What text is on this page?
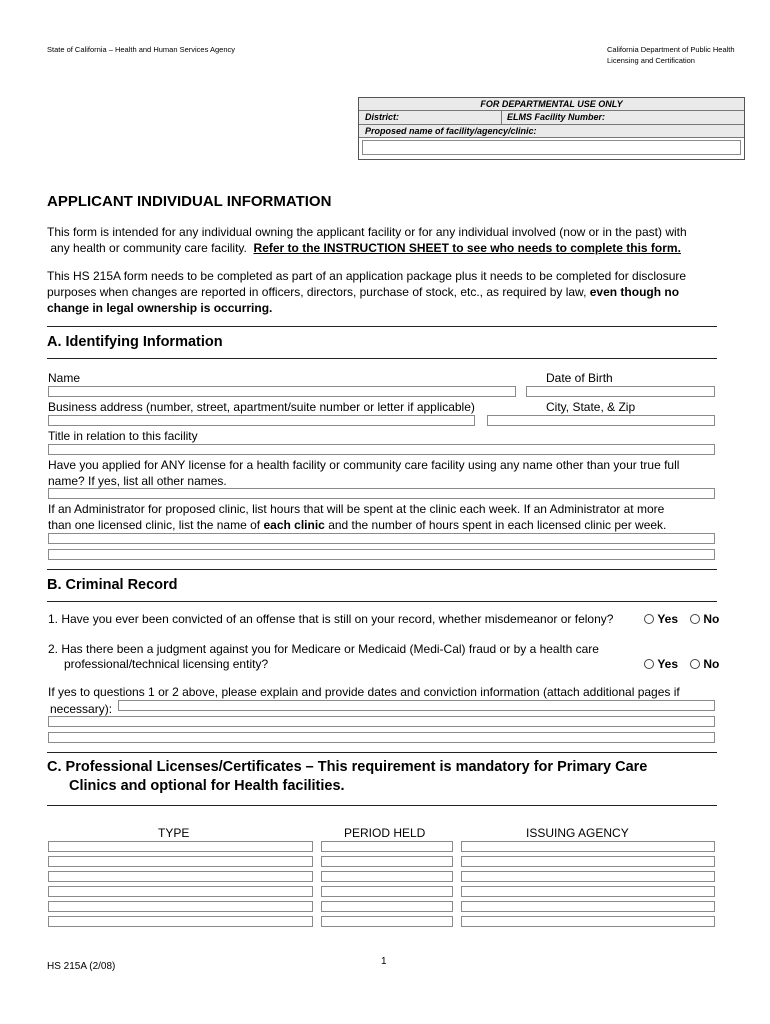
State of California – Health and Human Services Agency	California Department of Public Health
Licensing and Certification
FOR DEPARTMENTAL USE ONLY
District:	ELMS Facility Number:
Proposed name of facility/agency/clinic:
APPLICANT INDIVIDUAL INFORMATION
This form is intended for any individual owning the applicant facility or for any individual involved (now or in the past) with
any health or community care facility. Refer to the INSTRUCTION SHEET to see who needs to complete this form.
This HS 215A form needs to be completed as part of an application package plus it needs to be completed for disclosure
purposes when changes are reported in officers, directors, purchase of stock, etc., as required by law, even though no
change in legal ownership is occurring.
A. Identifying Information
Name	Date of Birth
Business address (number, street, apartment/suite number or letter if applicable)	City, State, & Zip
Title in relation to this facility
Have you applied for ANY license for a health facility or community care facility using any name other than your true full
name? If yes, list all other names.
If an Administrator for proposed clinic, list hours that will be spent at the clinic each week. If an Administrator at more
than one licensed clinic, list the name of each clinic and the number of hours spent in each licensed clinic per week.
B. Criminal Record
1. Have you ever been convicted of an offense that is still on your record, whether misdemeanor or felony?	Yes	No
2. Has there been a judgment against you for Medicare or Medicaid (Medi-Cal) fraud or by a health care
professional/technical licensing entity?	Yes	No
If yes to questions 1 or 2 above, please explain and provide dates and conviction information (attach additional pages if
necessary):
C. Professional Licenses/Certificates – This requirement is mandatory for Primary Care
Clinics and optional for Health facilities.
TYPE	PERIOD HELD	ISSUING AGENCY
HS 215A (2/08)	1
